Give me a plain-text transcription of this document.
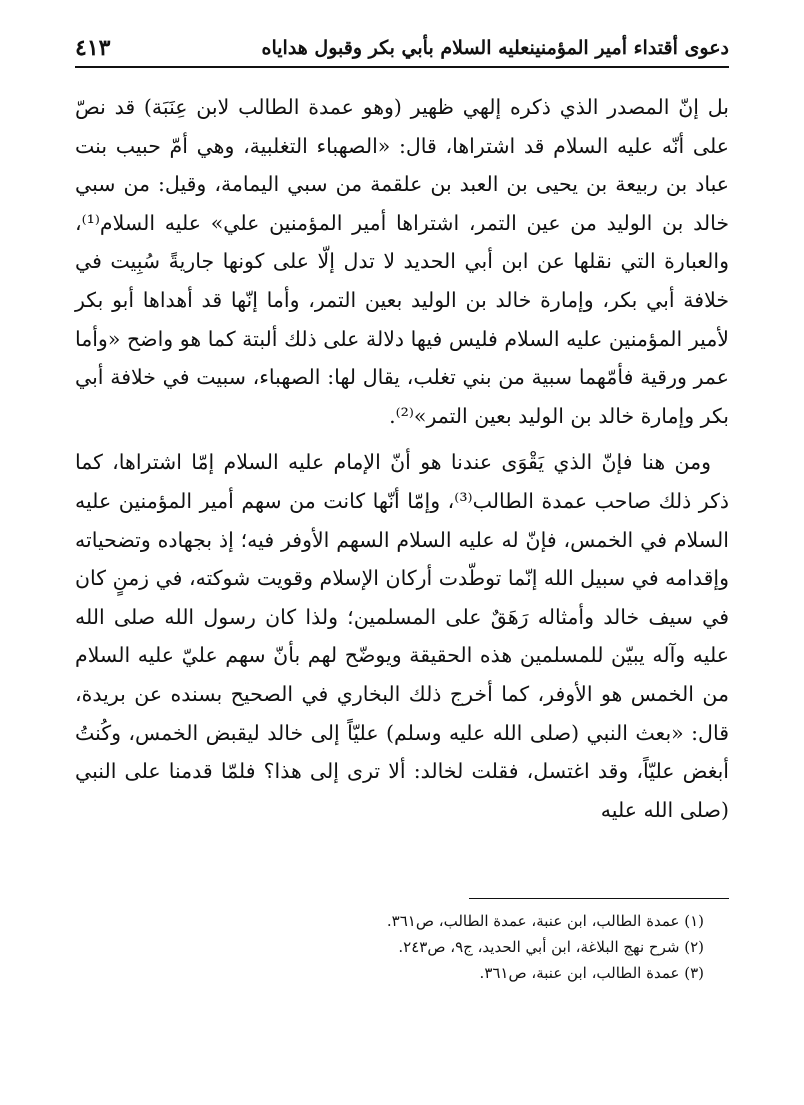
دعوى أقتداء أمير المؤمنينعليه السلام بأبي بكر وقبول هداياه
٤١٣

بل إنّ المصدر الذي ذكره إلهي ظهير (وهو عمدة الطالب لابن عِنَبَة) قد نصّ على أنّه عليه السلام قد اشتراها، قال: «الصهباء التغلبية، وهي أمّ حبيب بنت عباد بن ربيعة بن يحيى بن العبد بن علقمة من سبي اليمامة، وقيل: من سبي خالد بن الوليد من عين التمر، اشتراها أمير المؤمنين علي» عليه السلام⁽¹⁾، والعبارة التي نقلها عن ابن أبي الحديد لا تدل إلّا على كونها جاريةً سُبِيت في خلافة أبي بكر، وإمارة خالد بن الوليد بعين التمر، وأما إنّها قد أهداها أبو بكر لأمير المؤمنين عليه السلام فليس فيها دلالة على ذلك ألبتة كما هو واضح «وأما عمر ورقية فأمّهما سبية من بني تغلب، يقال لها: الصهباء، سبيت في خلافة أبي بكر وإمارة خالد بن الوليد بعين التمر»⁽²⁾.

ومن هنا فإنّ الذي يَقْوَى عندنا هو أنّ الإمام عليه السلام إمّا اشتراها، كما ذكر ذلك صاحب عمدة الطالب⁽³⁾، وإمّا أنّها كانت من سهم أمير المؤمنين عليه السلام في الخمس، فإنّ له عليه السلام السهم الأوفر فيه؛ إذ بجهاده وتضحياته وإقدامه في سبيل الله إنّما توطّدت أركان الإسلام وقويت شوكته، في زمنٍ كان في سيف خالد وأمثاله رَهَقٌ على المسلمين؛ ولذا كان رسول الله صلى الله عليه وآله يبيّن للمسلمين هذه الحقيقة ويوضّح لهم بأنّ سهم عليّ عليه السلام من الخمس هو الأوفر، كما أخرج ذلك البخاري في الصحيح بسنده عن بريدة، قال: «بعث النبي (صلى الله عليه وسلم) عليّاً إلى خالد ليقبض الخمس، وكُنتُ أبغض عليّاً، وقد اغتسل، فقلت لخالد: ألا ترى إلى هذا؟ فلمّا قدمنا على النبي (صلى الله عليه

(١) عمدة الطالب، ابن عنبة، عمدة الطالب، ص٣٦١.
(٢) شرح نهج البلاغة، ابن أبي الحديد، ج٩، ص٢٤٣.
(٣) عمدة الطالب، ابن عنبة، ص٣٦١.
